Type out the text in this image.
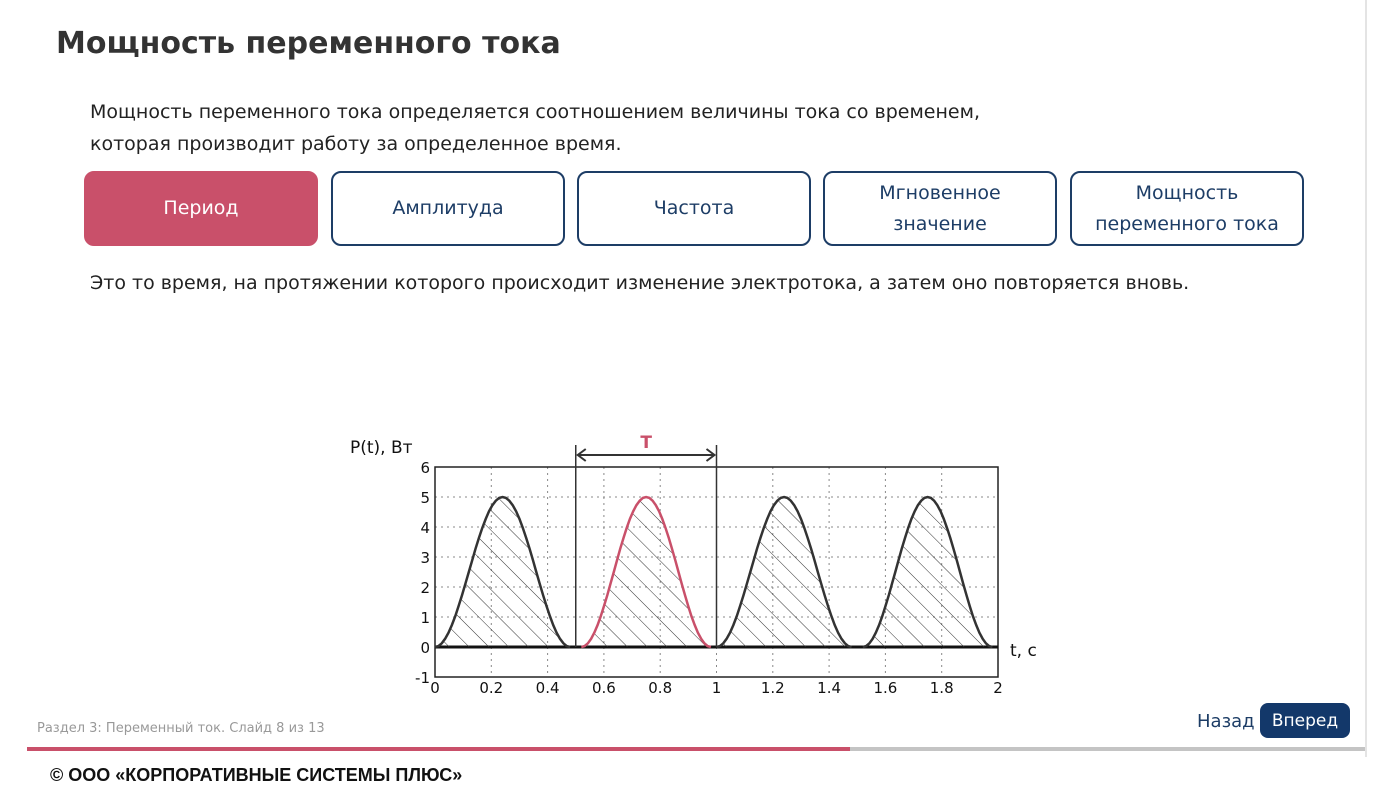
Мощность переменного тока
Мощность переменного тока определяется соотношением величины тока со временем,
которая производит работу за определенное время.
Период	Амплитуда	Частота
Мгновенное значение
Мощность переменного тока
Это то время, на протяжении которого происходит изменение электротока, а затем оно повторяется вновь.
P(t), Вт
t, с
0	0.2 0.4 0.6 0.8	1	1.2 1.4 1.6 1.8	2
-1
0
1
2
3
4
5
6
T
Раздел 3: Переменный ток. Слайд 8 из 13	Назад	Вперед
© ООО «КОРПОРАТИВНЫЕ СИСТЕМЫ ПЛЮС»
